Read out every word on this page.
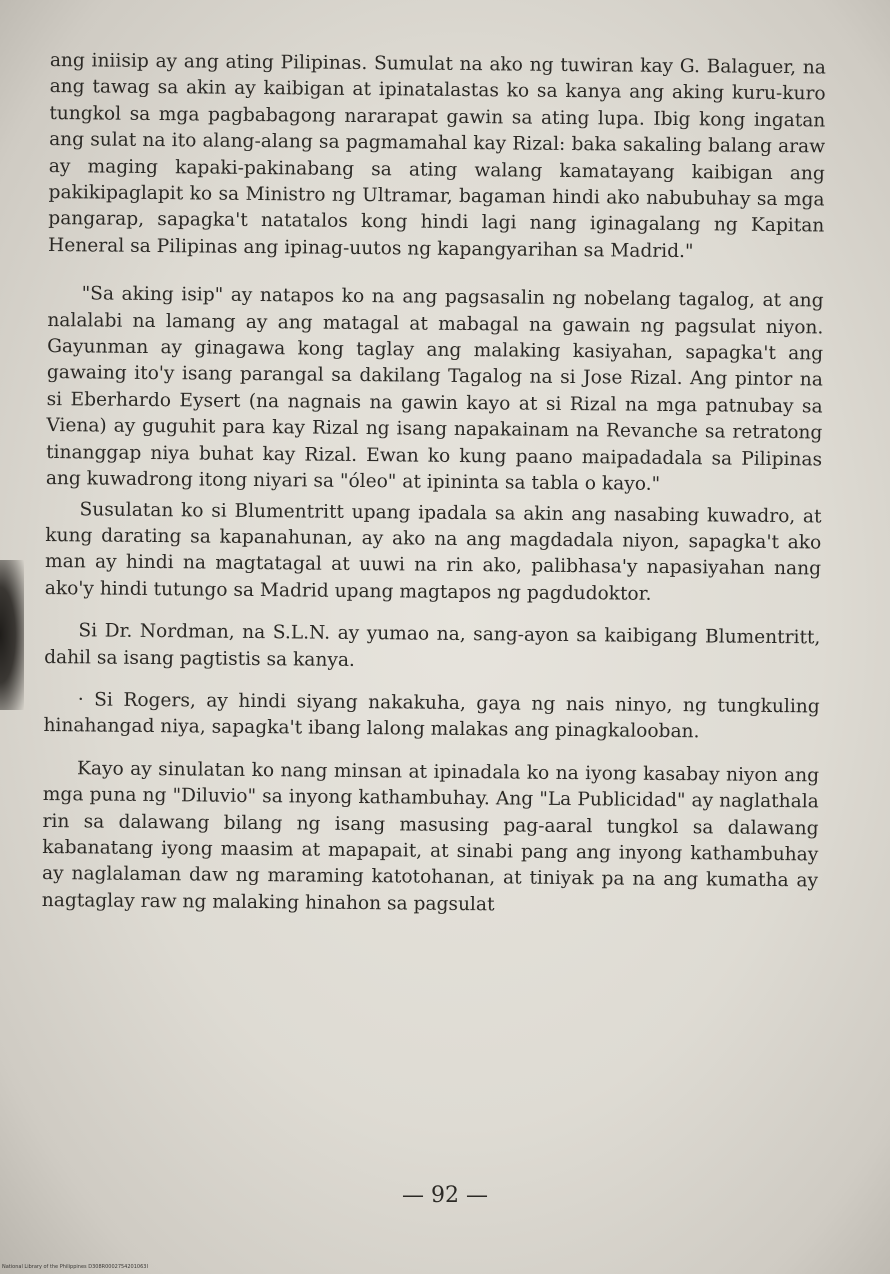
ang iniisip ay ang ating Pilipinas. Sumulat na ako ng tuwiran kay G. Balaguer, na ang tawag sa akin ay kaibigan at ipinatalastas ko sa kanya ang aking kuru-kuro tungkol sa mga pagbabagong nararapat gawin sa ating lupa. Ibig kong ingatan ang sulat na ito alang-alang sa pagmamahal kay Rizal: baka sakaling balang araw ay maging kapaki-pakinabang sa ating walang kamatayang kaibigan ang pakikipaglapit ko sa Ministro ng Ultramar, bagaman hindi ako nabubuhay sa mga pangarap, sapagka't natatalos kong hindi lagi nang iginagalang ng Kapitan Heneral sa Pilipinas ang ipinag-uutos ng kapangyarihan sa Madrid."

"Sa aking isip" ay natapos ko na ang pagsasalin ng nobelang tagalog, at ang nalalabi na lamang ay ang matagal at mabagal na gawain ng pagsulat niyon. Gayunman ay ginagawa kong taglay ang malaking kasiyahan, sapagka't ang gawaing ito'y isang parangal sa dakilang Tagalog na si Jose Rizal. Ang pintor na si Eberhardo Eysert (na nagnais na gawin kayo at si Rizal na mga patnubay sa Viena) ay guguhit para kay Rizal ng isang napakainam na Revanche sa retratong tinanggap niya buhat kay Rizal. Ewan ko kung paano maipadadala sa Pilipinas ang kuwadrong itong niyari sa "óleo" at ipininta sa tabla o kayo."

Susulatan ko si Blumentritt upang ipadala sa akin ang nasabing kuwadro, at kung darating sa kapanahunan, ay ako na ang magdadala niyon, sapagka't ako man ay hindi na magtatagal at uuwi na rin ako, palibhasa'y napasiyahan nang ako'y hindi tutungo sa Madrid upang magtapos ng pagdudoktor.

Si Dr. Nordman, na S.L.N. ay yumao na, sang-ayon sa kaibigang Blumentritt, dahil sa isang pagtistis sa kanya.

· Si Rogers, ay hindi siyang nakakuha, gaya ng nais ninyo, ng tungkuling hinahangad niya, sapagka't ibang lalong malakas ang pinagkalooban.

Kayo ay sinulatan ko nang minsan at ipinadala ko na iyong kasabay niyon ang mga puna ng "Diluvio" sa inyong kathambuhay. Ang "La Publicidad" ay naglathala rin sa dalawang bilang ng isang masusing pag-aaral tungkol sa dalawang kabanatang iyong maasim at mapapait, at sinabi pang ang inyong kathambuhay ay naglalaman daw ng maraming katotohanan, at tiniyak pa na ang kumatha ay nagtaglay raw ng malaking hinahon sa pagsulat

— 92 —
National Library of the Philippines D308R0002754201063I
